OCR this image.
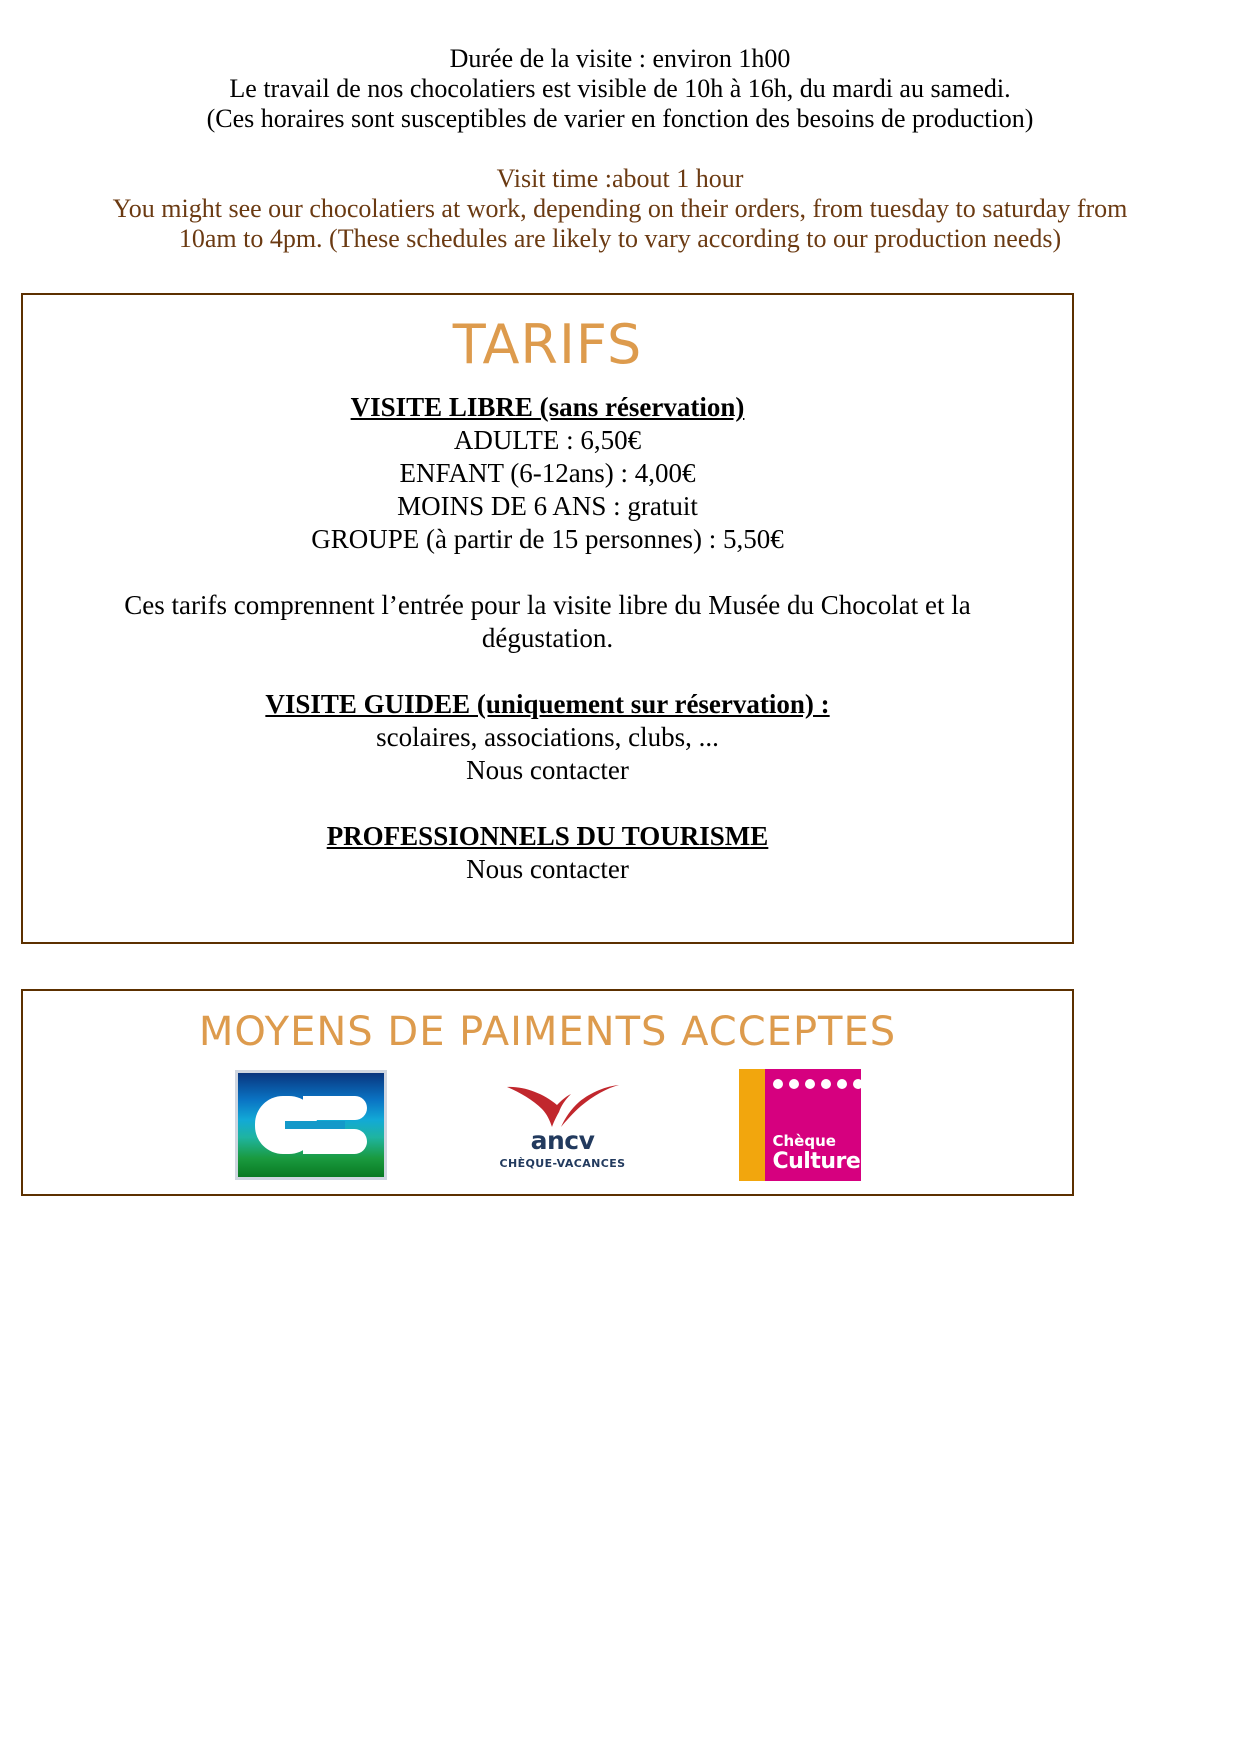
Durée de la visite : environ 1h00
Le travail de nos chocolatiers est visible de 10h à 16h, du mardi au samedi.
(Ces horaires sont susceptibles de varier en fonction des besoins de production)
Visit time :about 1 hour
You might see our chocolatiers at work, depending on their orders, from tuesday to saturday from
10am to 4pm. (These schedules are likely to vary according to our production needs)
TARIFS
VISITE LIBRE (sans réservation)
ADULTE : 6,50€
ENFANT (6-12ans) : 4,00€
MOINS DE 6 ANS : gratuit
GROUPE (à partir de 15 personnes) : 5,50€
Ces tarifs comprennent l’entrée pour la visite libre du Musée du Chocolat et la dégustation.
VISITE GUIDEE (uniquement sur réservation) :
scolaires, associations, clubs, ...
Nous contacter
PROFESSIONNELS DU TOURISME
Nous contacter
MOYENS DE PAIMENTS ACCEPTES
ancv
CHÈQUE-VACANCES
Chèque
Culture
